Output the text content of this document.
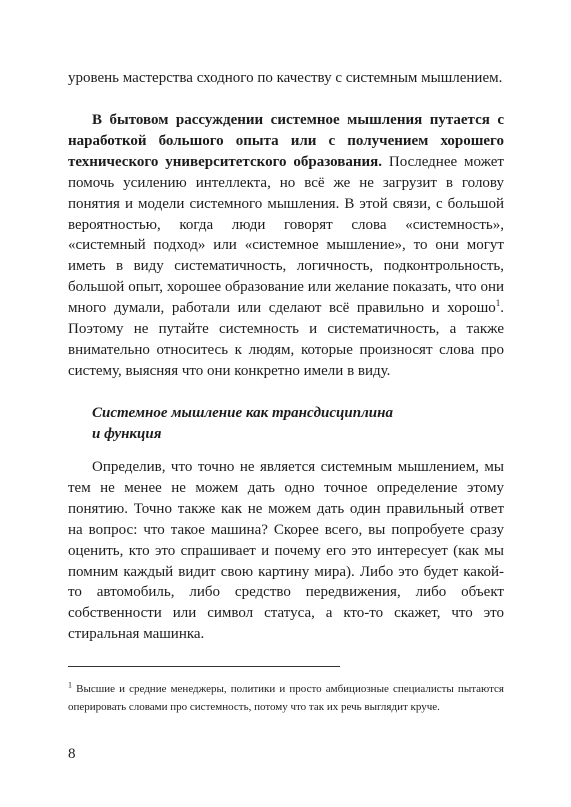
уровень мастерства сходного по качеству с системным мышлением.

В бытовом рассуждении системное мышления путается с наработкой большого опыта или с получением хорошего технического университетского образования. Последнее может помочь усилению интеллекта, но всё же не загрузит в голову понятия и модели системного мышления. В этой связи, с большой вероятностью, когда люди говорят слова «системность», «системный подход» или «системное мышление», то они могут иметь в виду систематичность, логичность, подконтрольность, большой опыт, хорошее образование или желание показать, что они много думали, работали или сделают всё правильно и хорошо$^1$. Поэтому не путайте системность и систематичность, а также внимательно относитесь к людям, которые произносят слова про систему, выясняя что они конкретно имели в виду.

Системное мышление как трансдисциплина
и функция

Определив, что точно не является системным мышлением, мы тем не менее не можем дать одно точное определение этому понятию. Точно также как не можем дать один правильный ответ на вопрос: что такое машина? Скорее всего, вы попробуете сразу оценить, кто это спрашивает и почему его это интересует (как мы помним каждый видит свою картину мира). Либо это будет какой-то автомобиль, либо средство передвижения, либо объект собственности или символ статуса, а кто-то скажет, что это стиральная машинка.

$^1$ Высшие и средние менеджеры, политики и просто амбициозные специалисты пытаются оперировать словами про системность, потому что так их речь выглядит круче.

8
